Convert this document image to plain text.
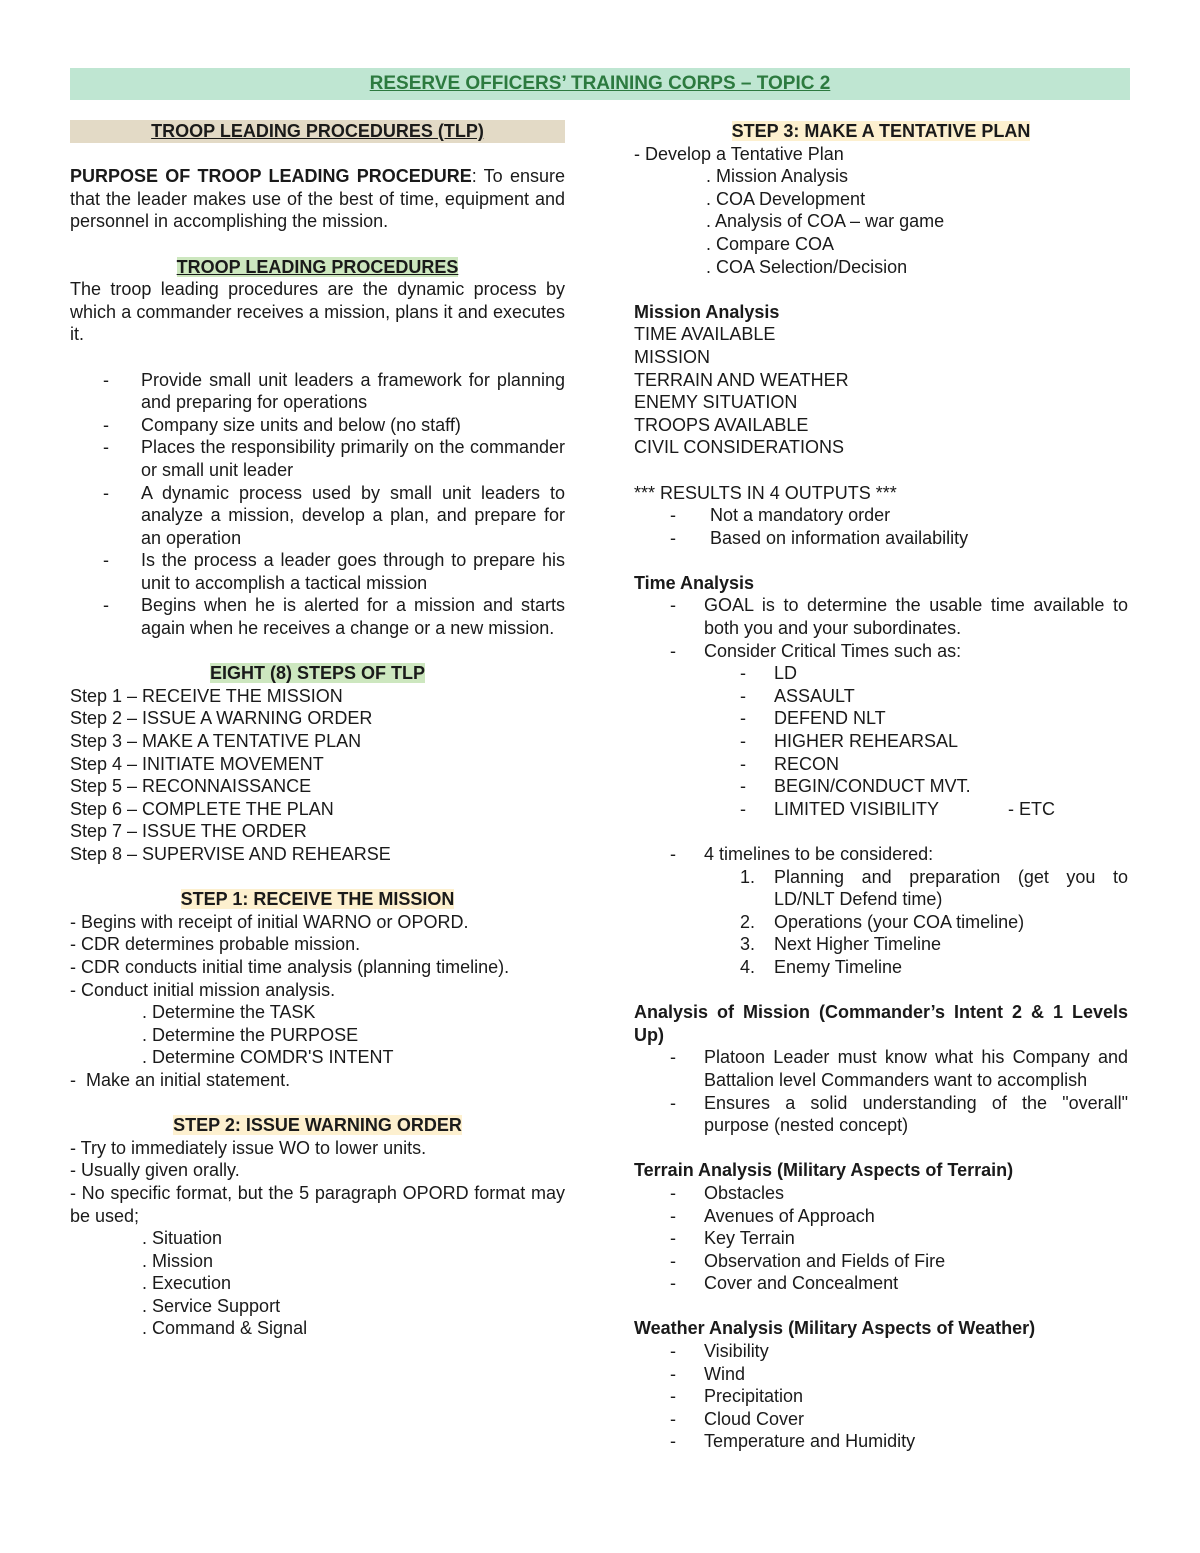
RESERVE OFFICERS’ TRAINING CORPS – TOPIC 2
TROOP LEADING PROCEDURES (TLP)
PURPOSE OF TROOP LEADING PROCEDURE: To ensure that the leader makes use of the best of time, equipment and personnel in accomplishing the mission.
TROOP LEADING PROCEDURES
The troop leading procedures are the dynamic process by which a commander receives a mission, plans it and executes it.
- Provide small unit leaders a framework for planning and preparing for operations
- Company size units and below (no staff)
- Places the responsibility primarily on the commander or small unit leader
- A dynamic process used by small unit leaders to analyze a mission, develop a plan, and prepare for an operation
- Is the process a leader goes through to prepare his unit to accomplish a tactical mission
- Begins when he is alerted for a mission and starts again when he receives a change or a new mission.
EIGHT (8) STEPS OF TLP
Step 1 – RECEIVE THE MISSION
Step 2 – ISSUE A WARNING ORDER
Step 3 – MAKE A TENTATIVE PLAN
Step 4 – INITIATE MOVEMENT
Step 5 – RECONNAISSANCE
Step 6 – COMPLETE THE PLAN
Step 7 – ISSUE THE ORDER
Step 8 – SUPERVISE AND REHEARSE
STEP 1: RECEIVE THE MISSION
- Begins with receipt of initial WARNO or OPORD.
- CDR determines probable mission.
- CDR conducts initial time analysis (planning timeline).
- Conduct initial mission analysis.
. Determine the TASK
. Determine the PURPOSE
. Determine COMDR'S INTENT
-  Make an initial statement.
STEP 2: ISSUE WARNING ORDER
- Try to immediately issue WO to lower units.
- Usually given orally.
- No specific format, but the 5 paragraph OPORD format may be used;
. Situation
. Mission
. Execution
. Service Support
. Command & Signal
STEP 3: MAKE A TENTATIVE PLAN
- Develop a Tentative Plan
. Mission Analysis
. COA Development
. Analysis of COA – war game
. Compare COA
. COA Selection/Decision
Mission Analysis
TIME AVAILABLE
MISSION
TERRAIN AND WEATHER
ENEMY SITUATION
TROOPS AVAILABLE
CIVIL CONSIDERATIONS
*** RESULTS IN 4 OUTPUTS ***
- Not a mandatory order
- Based on information availability
Time Analysis
- GOAL is to determine the usable time available to both you and your subordinates.
- Consider Critical Times such as:
- LD
- ASSAULT
- DEFEND NLT
- HIGHER REHEARSAL
- RECON
- BEGIN/CONDUCT MVT.
- LIMITED VISIBILITY	- ETC
- 4 timelines to be considered:
1. Planning and preparation (get you to LD/NLT Defend time)
2. Operations (your COA timeline)
3. Next Higher Timeline
4. Enemy Timeline
Analysis of Mission (Commander’s Intent 2 & 1 Levels Up)
- Platoon Leader must know what his Company and Battalion level Commanders want to accomplish
- Ensures a solid understanding of the "overall" purpose (nested concept)
Terrain Analysis (Military Aspects of Terrain)
- Obstacles
- Avenues of Approach
- Key Terrain
- Observation and Fields of Fire
- Cover and Concealment
Weather Analysis (Military Aspects of Weather)
- Visibility
- Wind
- Precipitation
- Cloud Cover
- Temperature and Humidity
